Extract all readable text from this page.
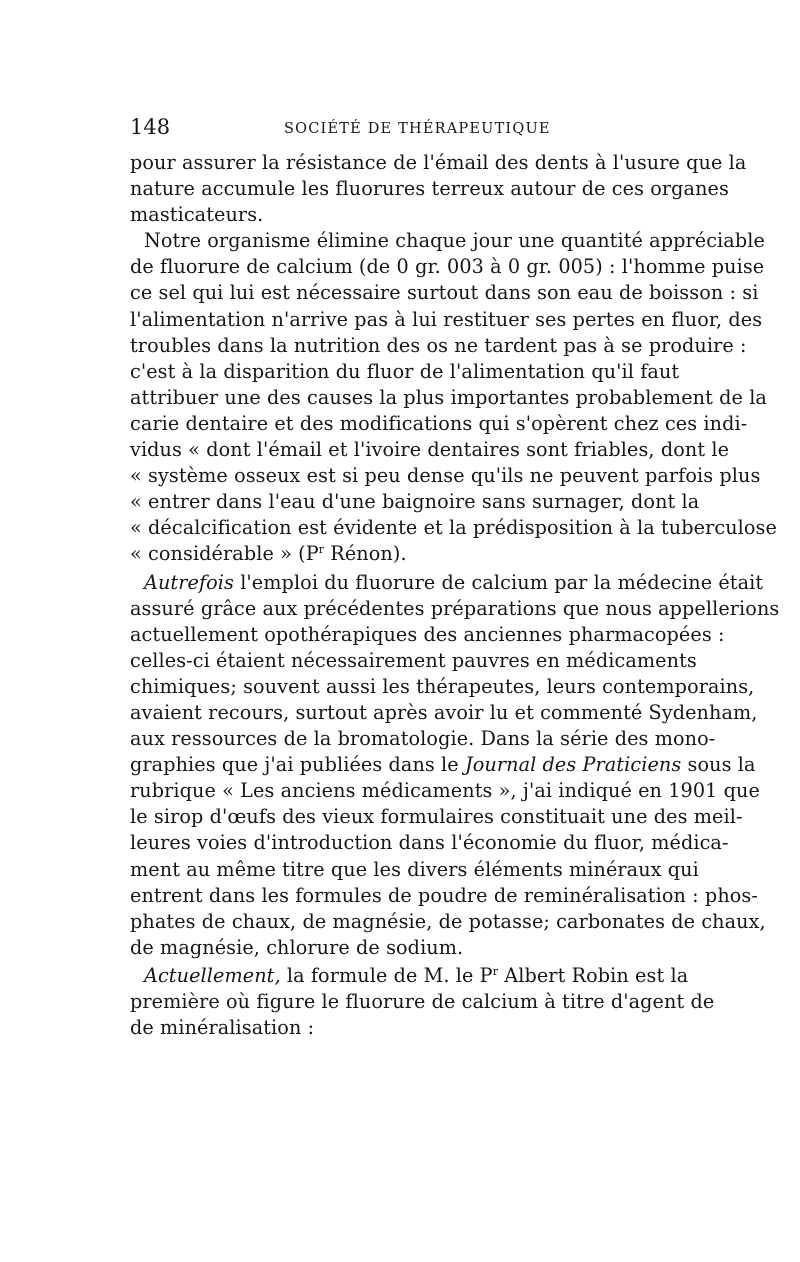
148	SOCIÉTÉ DE THÉRAPEUTIQUE
pour assurer la résistance de l'émail des dents à l'usure que la
nature accumule les fluorures terreux autour de ces organes
masticateurs.
Notre organisme élimine chaque jour une quantité appréciable
de fluorure de calcium (de 0 gr. 003 à 0 gr. 005) : l'homme puise
ce sel qui lui est nécessaire surtout dans son eau de boisson : si
l'alimentation n'arrive pas à lui restituer ses pertes en fluor, des
troubles dans la nutrition des os ne tardent pas à se produire :
c'est à la disparition du fluor de l'alimentation qu'il faut
attribuer une des causes la plus importantes probablement de la
carie dentaire et des modifications qui s'opèrent chez ces indi-
vidus « dont l'émail et l'ivoire dentaires sont friables, dont le
« système osseux est si peu dense qu'ils ne peuvent parfois plus
« entrer dans l'eau d'une baignoire sans surnager, dont la
« décalcification est évidente et la prédisposition à la tuberculose
« considérable » ($P^r$ Rénon).
Autrefois l'emploi du fluorure de calcium par la médecine était
assuré grâce aux précédentes préparations que nous appellerions
actuellement opothérapiques des anciennes pharmacopées :
celles-ci étaient nécessairement pauvres en médicaments
chimiques; souvent aussi les thérapeutes, leurs contemporains,
avaient recours, surtout après avoir lu et commenté Sydenham,
aux ressources de la bromatologie. Dans la série des mono-
graphies que j'ai publiées dans le Journal des Praticiens sous la
rubrique « Les anciens médicaments », j'ai indiqué en 1901 que
le sirop d'œufs des vieux formulaires constituait une des meil-
leures voies d'introduction dans l'économie du fluor, médica-
ment au même titre que les divers éléments minéraux qui
entrent dans les formules de poudre de reminéralisation : phos-
phates de chaux, de magnésie, de potasse; carbonates de chaux,
de magnésie, chlorure de sodium.
Actuellement, la formule de M. le $P^r$ Albert Robin est la
première où figure le fluorure de calcium à titre d'agent de
de minéralisation :
